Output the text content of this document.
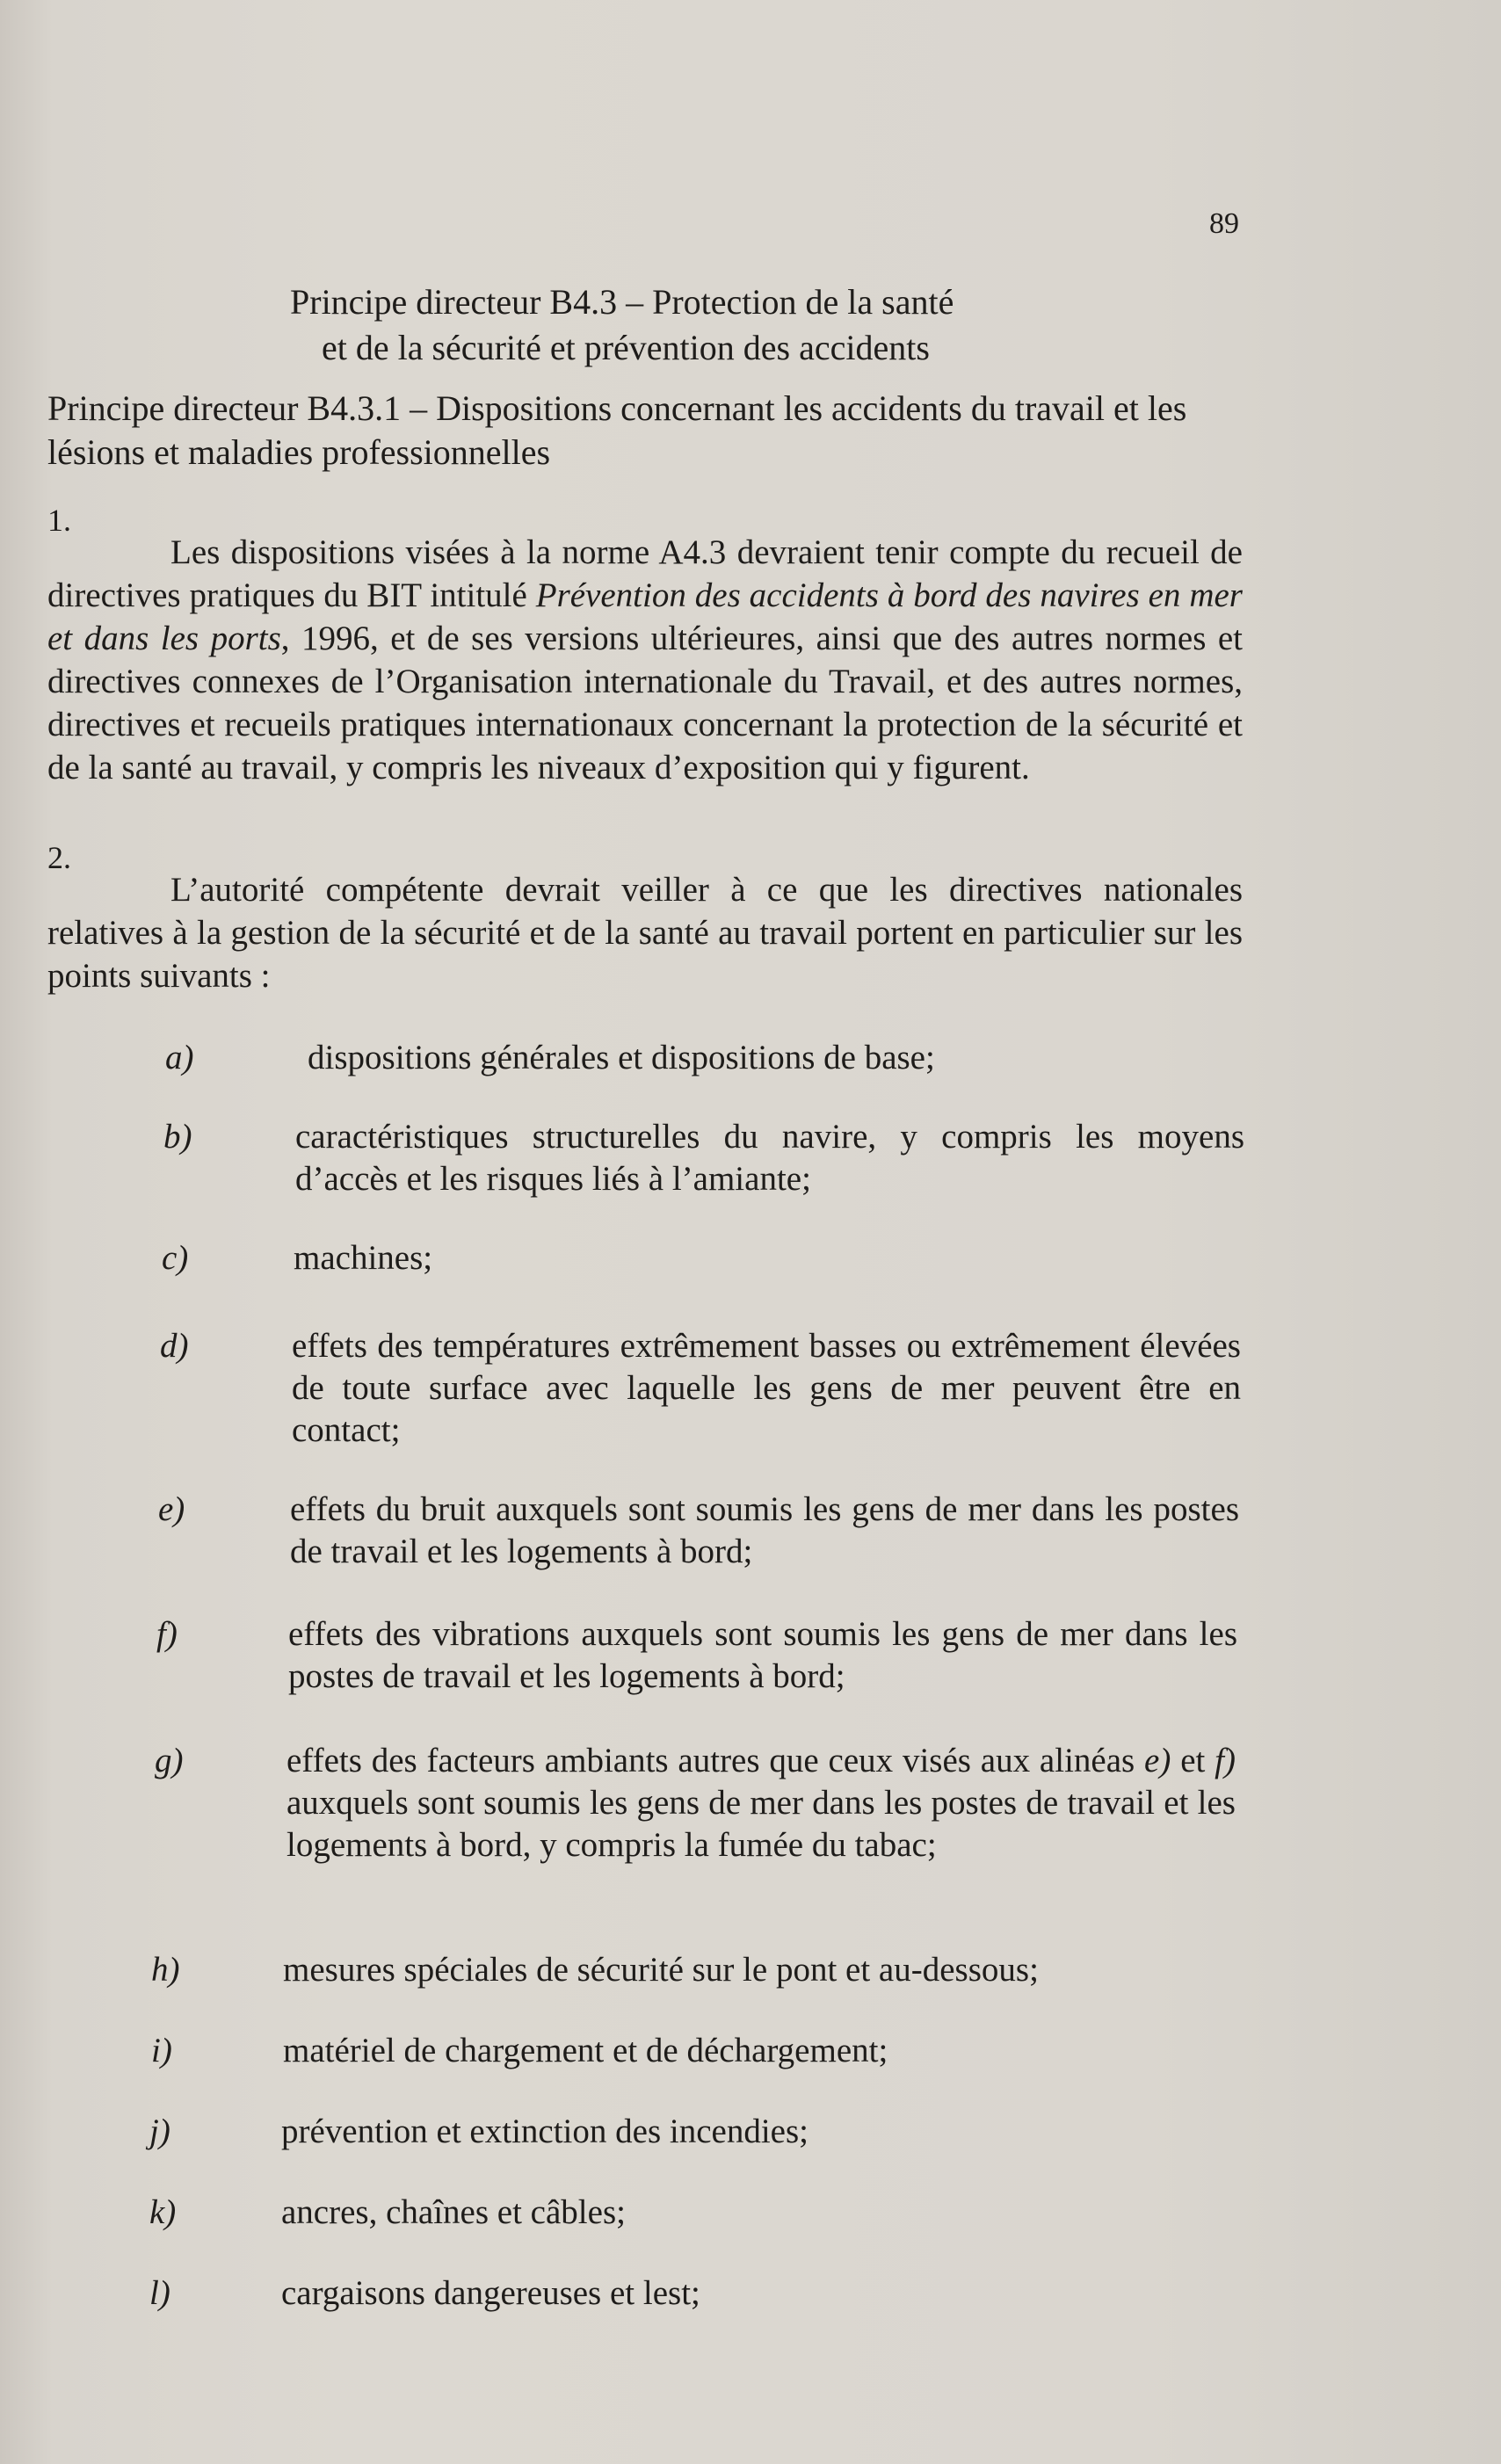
89
Principe directeur B4.3 – Protection de la santé
et de la sécurité et prévention des accidents
Principe directeur B4.3.1 – Dispositions concernant les accidents du travail et les lésions et maladies professionnelles
1.
Les dispositions visées à la norme A4.3 devraient tenir compte du recueil de directives pratiques du BIT intitulé Prévention des accidents à bord des navires en mer et dans les ports, 1996, et de ses versions ultérieures, ainsi que des autres normes et directives connexes de l’Organisation internationale du Travail, et des autres normes, directives et recueils pratiques internationaux concernant la protection de la sécurité et de la santé au travail, y compris les niveaux d’exposition qui y figurent.
2.
L’autorité compétente devrait veiller à ce que les directives nationales relatives à la gestion de la sécurité et de la santé au travail portent en particulier sur les points suivants :
a)	dispositions générales et dispositions de base;
b)	caractéristiques structurelles du navire, y compris les moyens d’accès et les risques liés à l’amiante;
c)	machines;
d)	effets des températures extrêmement basses ou extrêmement élevées de toute surface avec laquelle les gens de mer peuvent être en contact;
e)	effets du bruit auxquels sont soumis les gens de mer dans les postes de travail et les logements à bord;
f)	effets des vibrations auxquels sont soumis les gens de mer dans les postes de travail et les logements à bord;
g)	effets des facteurs ambiants autres que ceux visés aux alinéas e) et f) auxquels sont soumis les gens de mer dans les postes de travail et les logements à bord, y compris la fumée du tabac;
h)	mesures spéciales de sécurité sur le pont et au-dessous;
i)	matériel de chargement et de déchargement;
j)	prévention et extinction des incendies;
k)	ancres, chaînes et câbles;
l)	cargaisons dangereuses et lest;
